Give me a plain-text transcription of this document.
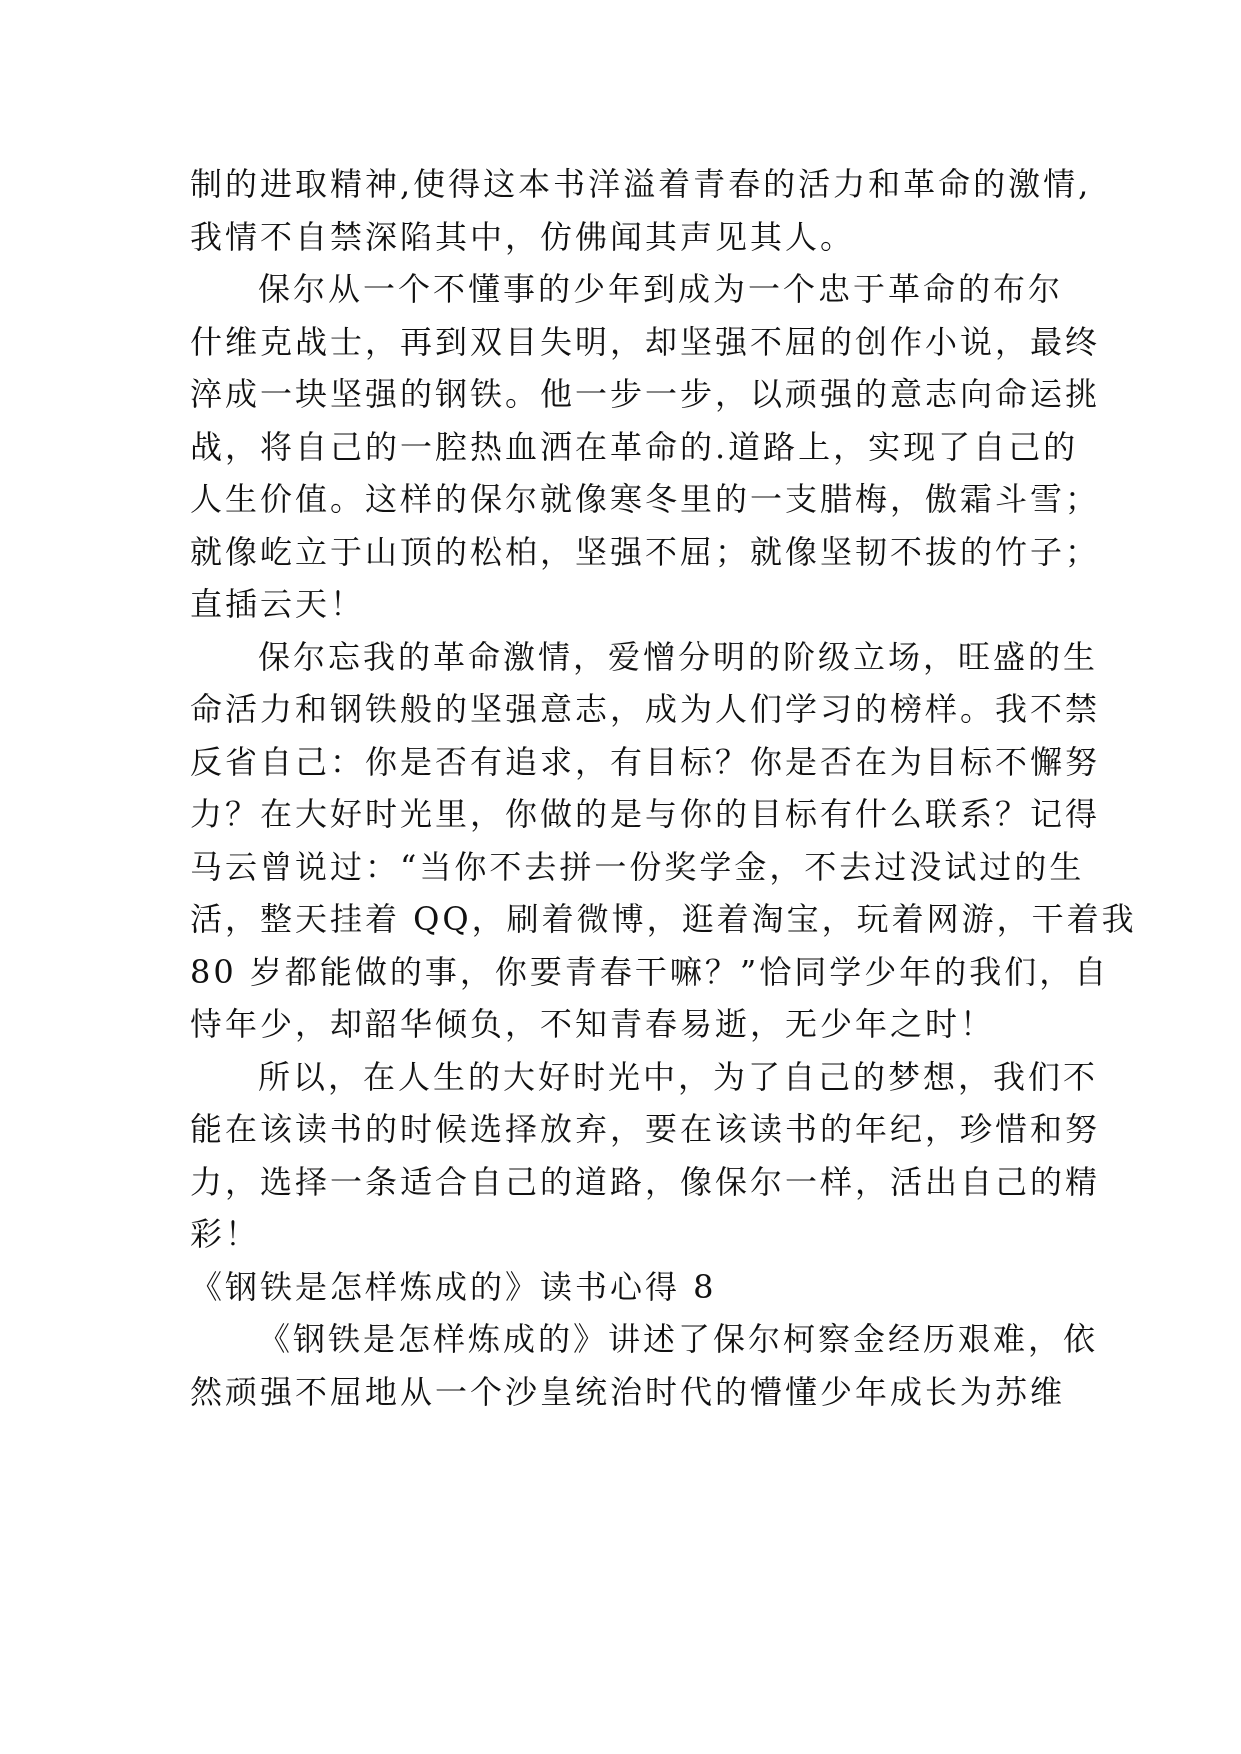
制的进取精神,使得这本书洋溢着青春的活力和革命的激情,
我情不自禁深陷其中，仿佛闻其声见其人。
保尔从一个不懂事的少年到成为一个忠于革命的布尔
什维克战士，再到双目失明，却坚强不屈的创作小说，最终
淬成一块坚强的钢铁。他一步一步，以顽强的意志向命运挑
战，将自己的一腔热血洒在革命的.道路上，实现了自己的
人生价值。这样的保尔就像寒冬里的一支腊梅，傲霜斗雪；
就像屹立于山顶的松柏，坚强不屈；就像坚韧不拔的竹子；
直插云天！
保尔忘我的革命激情，爱憎分明的阶级立场，旺盛的生
命活力和钢铁般的坚强意志，成为人们学习的榜样。我不禁
反省自己：你是否有追求，有目标？你是否在为目标不懈努
力？在大好时光里，你做的是与你的目标有什么联系？记得
马云曾说过：“当你不去拼一份奖学金，不去过没试过的生
活，整天挂着 QQ，刷着微博，逛着淘宝，玩着网游，干着我
80 岁都能做的事，你要青春干嘛？”恰同学少年的我们，自
恃年少，却韶华倾负，不知青春易逝，无少年之时！
所以，在人生的大好时光中，为了自己的梦想，我们不
能在该读书的时候选择放弃，要在该读书的年纪，珍惜和努
力，选择一条适合自己的道路，像保尔一样，活出自己的精
彩！
《钢铁是怎样炼成的》读书心得 8
《钢铁是怎样炼成的》讲述了保尔柯察金经历艰难，依
然顽强不屈地从一个沙皇统治时代的懵懂少年成长为苏维
